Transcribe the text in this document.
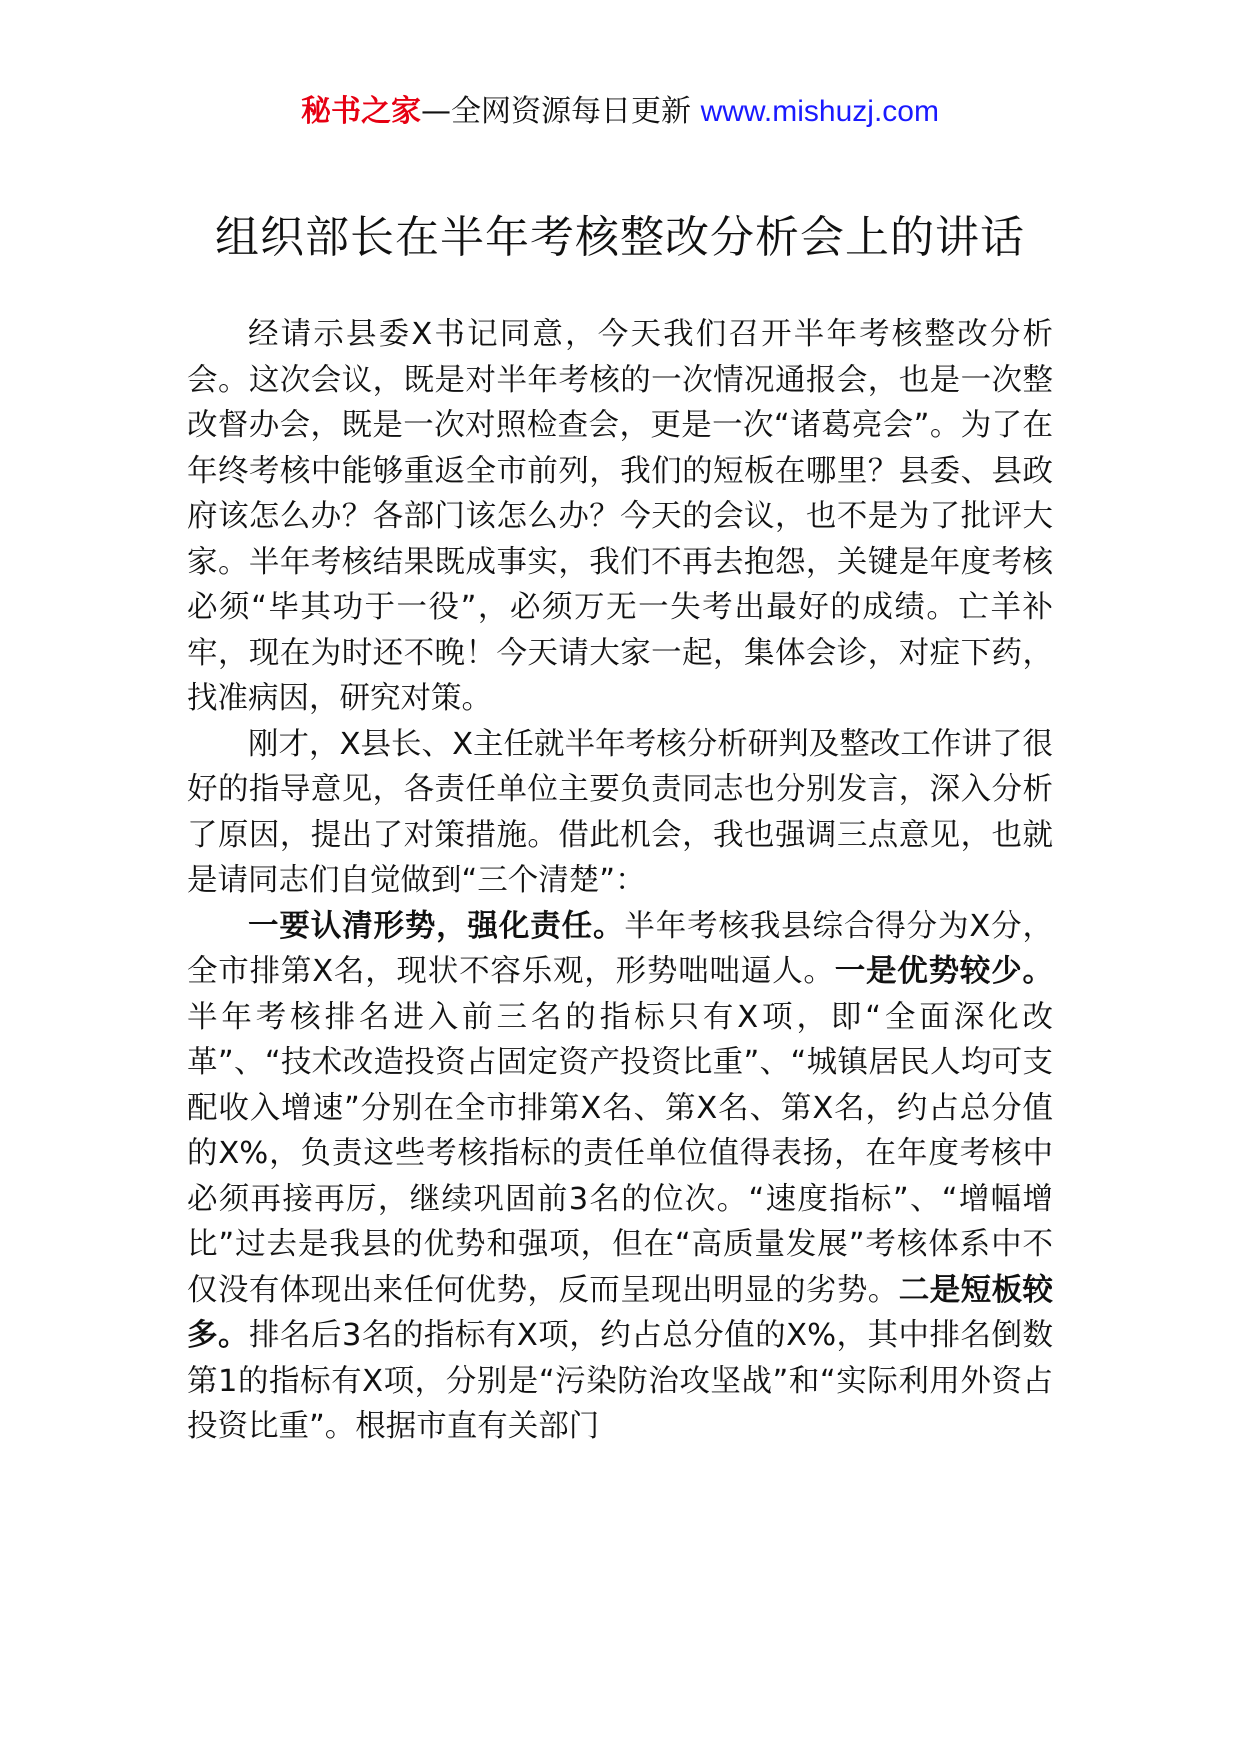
秘书之家—全网资源每日更新 www.mishuzj.com
组织部长在半年考核整改分析会上的讲话

经请示县委X书记同意，今天我们召开半年考核整改分析会。这次会议，既是对半年考核的一次情况通报会，也是一次整改督办会，既是一次对照检查会，更是一次“诸葛亮会”。为了在年终考核中能够重返全市前列，我们的短板在哪里？县委、县政府该怎么办？各部门该怎么办？今天的会议，也不是为了批评大家。半年考核结果既成事实，我们不再去抱怨，关键是年度考核必须“毕其功于一役”，必须万无一失考出最好的成绩。亡羊补牢，现在为时还不晚！今天请大家一起，集体会诊，对症下药，找准病因，研究对策。

刚才，X县长、X主任就半年考核分析研判及整改工作讲了很好的指导意见，各责任单位主要负责同志也分别发言，深入分析了原因，提出了对策措施。借此机会，我也强调三点意见，也就是请同志们自觉做到“三个清楚”：

一要认清形势，强化责任。半年考核我县综合得分为X分，全市排第X名，现状不容乐观，形势咄咄逼人。一是优势较少。半年考核排名进入前三名的指标只有X项，即“全面深化改革”、“技术改造投资占固定资产投资比重”、“城镇居民人均可支配收入增速”分别在全市排第X名、第X名、第X名，约占总分值的X%，负责这些考核指标的责任单位值得表扬，在年度考核中必须再接再厉，继续巩固前3名的位次。“速度指标”、“增幅增比”过去是我县的优势和强项，但在“高质量发展”考核体系中不仅没有体现出来任何优势，反而呈现出明显的劣势。二是短板较多。排名后3名的指标有X项，约占总分值的X%，其中排名倒数第1的指标有X项，分别是“污染防治攻坚战”和“实际利用外资占投资比重”。根据市直有关部门
